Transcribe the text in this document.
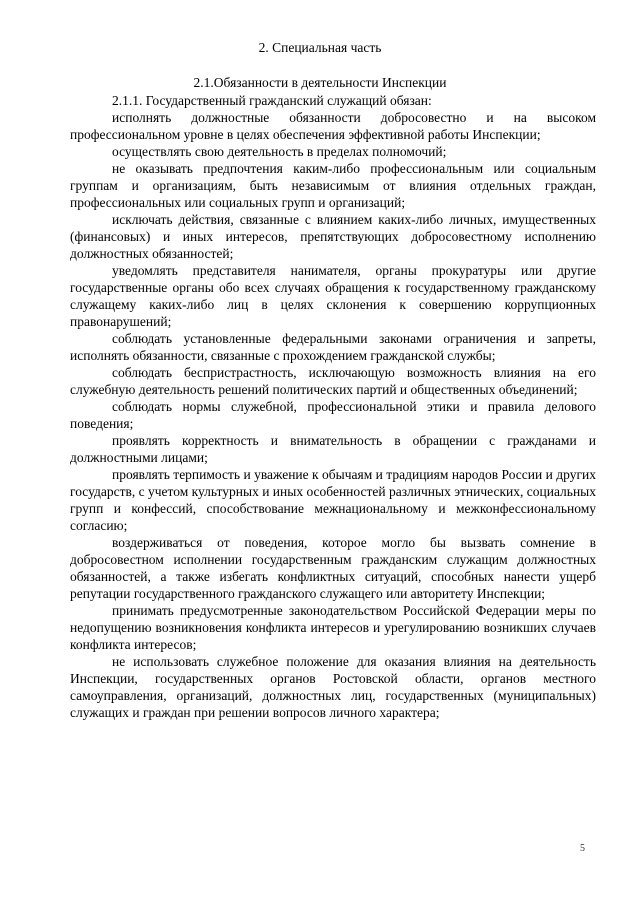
2. Специальная часть
2.1.Обязанности в деятельности Инспекции

2.1.1. Государственный гражданский служащий обязан:

исполнять должностные обязанности добросовестно и на высоком профессиональном уровне в целях обеспечения эффективной работы Инспекции;

осуществлять свою деятельность в пределах полномочий;

не оказывать предпочтения каким-либо профессиональным или социальным группам и организациям, быть независимым от влияния отдельных граждан, профессиональных или социальных групп и организаций;

исключать действия, связанные с влиянием каких-либо личных, имущественных (финансовых) и иных интересов, препятствующих добросовестному исполнению должностных обязанностей;

уведомлять представителя нанимателя, органы прокуратуры или другие государственные органы обо всех случаях обращения к государственному гражданскому служащему каких-либо лиц в целях склонения к совершению коррупционных правонарушений;

соблюдать установленные федеральными законами ограничения и запреты, исполнять обязанности, связанные с прохождением гражданской службы;

соблюдать беспристрастность, исключающую возможность влияния на его служебную деятельность решений политических партий и общественных объединений;

соблюдать нормы служебной, профессиональной этики и правила делового поведения;

проявлять корректность и внимательность в обращении с гражданами и должностными лицами;

проявлять терпимость и уважение к обычаям и традициям народов России и других государств, с учетом культурных и иных особенностей различных этнических, социальных групп и конфессий, способствование межнациональному и межконфессиональному согласию;

воздерживаться от поведения, которое могло бы вызвать сомнение в добросовестном исполнении государственным гражданским служащим должностных обязанностей, а также избегать конфликтных ситуаций, способных нанести ущерб репутации государственного гражданского служащего или авторитету Инспекции;

принимать предусмотренные законодательством Российской Федерации меры по недопущению возникновения конфликта интересов и урегулированию возникших случаев конфликта интересов;

не использовать служебное положение для оказания влияния на деятельность Инспекции, государственных органов Ростовской области, органов местного самоуправления, организаций, должностных лиц, государственных (муниципальных) служащих и граждан при решении вопросов личного характера;

5
